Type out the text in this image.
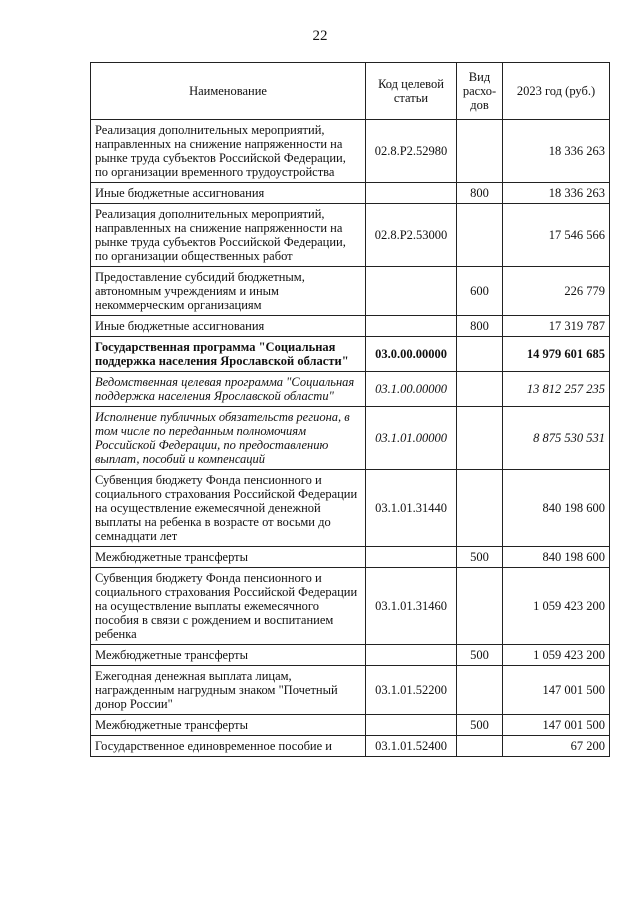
22
Наименование	Код целевой статьи	Вид расхо-дов	2023 год (руб.)
Реализация дополнительных мероприятий, направленных на снижение напряженности на рынке труда субъектов Российской Федерации, по организации временного трудоустройства	02.8.Р2.52980		18 336 263
Иные бюджетные ассигнования		800	18 336 263
Реализация дополнительных мероприятий, направленных на снижение напряженности на рынке труда субъектов Российской Федерации, по организации общественных работ	02.8.Р2.53000		17 546 566
Предоставление субсидий бюджетным, автономным учреждениям и иным некоммерческим организациям		600	226 779
Иные бюджетные ассигнования		800	17 319 787
Государственная программа "Социальная поддержка населения Ярославской области"	03.0.00.00000		14 979 601 685
Ведомственная целевая программа "Социальная поддержка населения Ярославской области"	03.1.00.00000		13 812 257 235
Исполнение публичных обязательств региона, в том числе по переданным полномочиям Российской Федерации, по предоставлению выплат, пособий и компенсаций	03.1.01.00000		8 875 530 531
Субвенция бюджету Фонда пенсионного и социального страхования Российской Федерации на осуществление ежемесячной денежной выплаты на ребенка в возрасте от восьми до семнадцати лет	03.1.01.31440		840 198 600
Межбюджетные трансферты		500	840 198 600
Субвенция бюджету Фонда пенсионного и социального страхования Российской Федерации на осуществление выплаты ежемесячного пособия в связи с рождением и воспитанием ребенка	03.1.01.31460		1 059 423 200
Межбюджетные трансферты		500	1 059 423 200
Ежегодная денежная выплата лицам, награжденным нагрудным знаком "Почетный донор России"	03.1.01.52200		147 001 500
Межбюджетные трансферты		500	147 001 500
Государственное единовременное пособие и	03.1.01.52400		67 200
